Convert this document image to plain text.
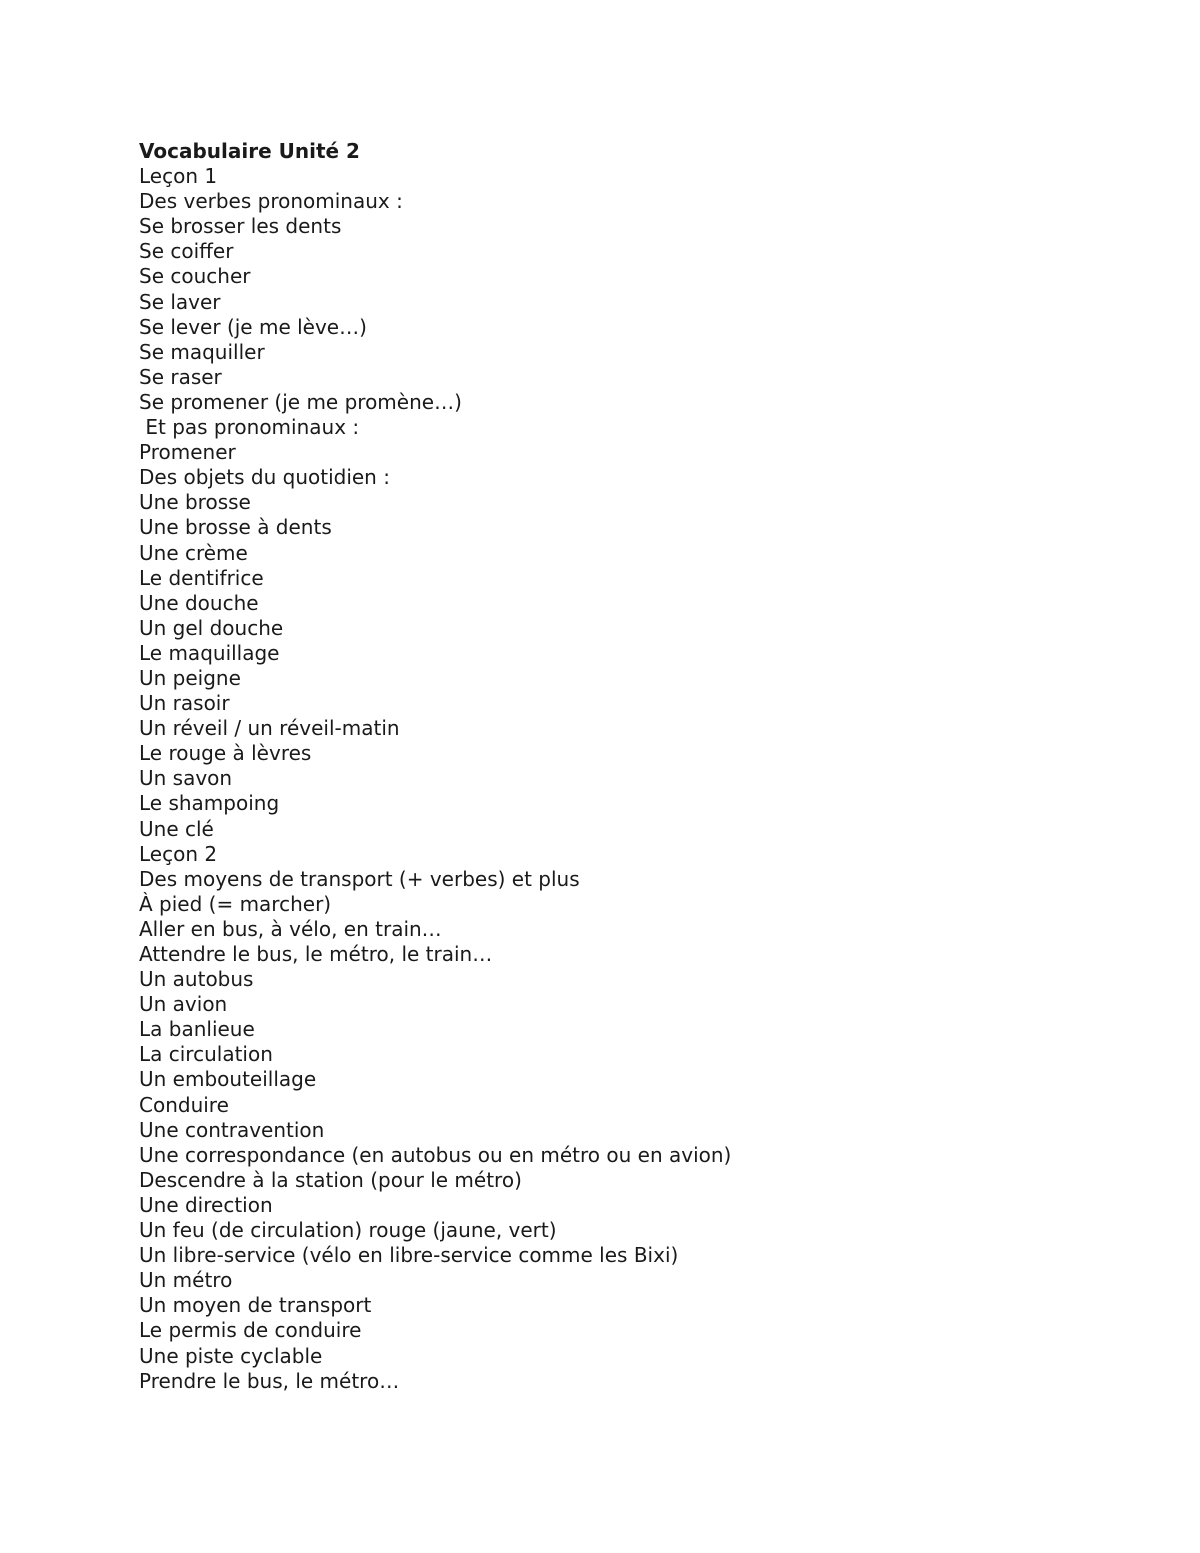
Vocabulaire Unité 2

Leçon 1

Des verbes pronominaux :

Se brosser les dents

Se coiffer

Se coucher

Se laver

Se lever (je me lève…)

Se maquiller

Se raser

Se promener (je me promène…)

Et pas pronominaux :

Promener

Des objets du quotidien :

Une brosse

Une brosse à dents

Une crème

Le dentifrice

Une douche

Un gel douche

Le maquillage

Un peigne

Un rasoir

Un réveil / un réveil-matin

Le rouge à lèvres

Un savon

Le shampoing

Une clé

Leçon 2

Des moyens de transport (+ verbes) et plus

À pied (= marcher)

Aller en bus, à vélo, en train…

Attendre le bus, le métro, le train…

Un autobus

Un avion

La banlieue

La circulation

Un embouteillage

Conduire

Une contravention

Une correspondance (en autobus ou en métro ou en avion)

Descendre à la station (pour le métro)

Une direction

Un feu (de circulation) rouge (jaune, vert)

Un libre-service (vélo en libre-service comme les Bixi)

Un métro

Un moyen de transport

Le permis de conduire

Une piste cyclable

Prendre le bus, le métro…
